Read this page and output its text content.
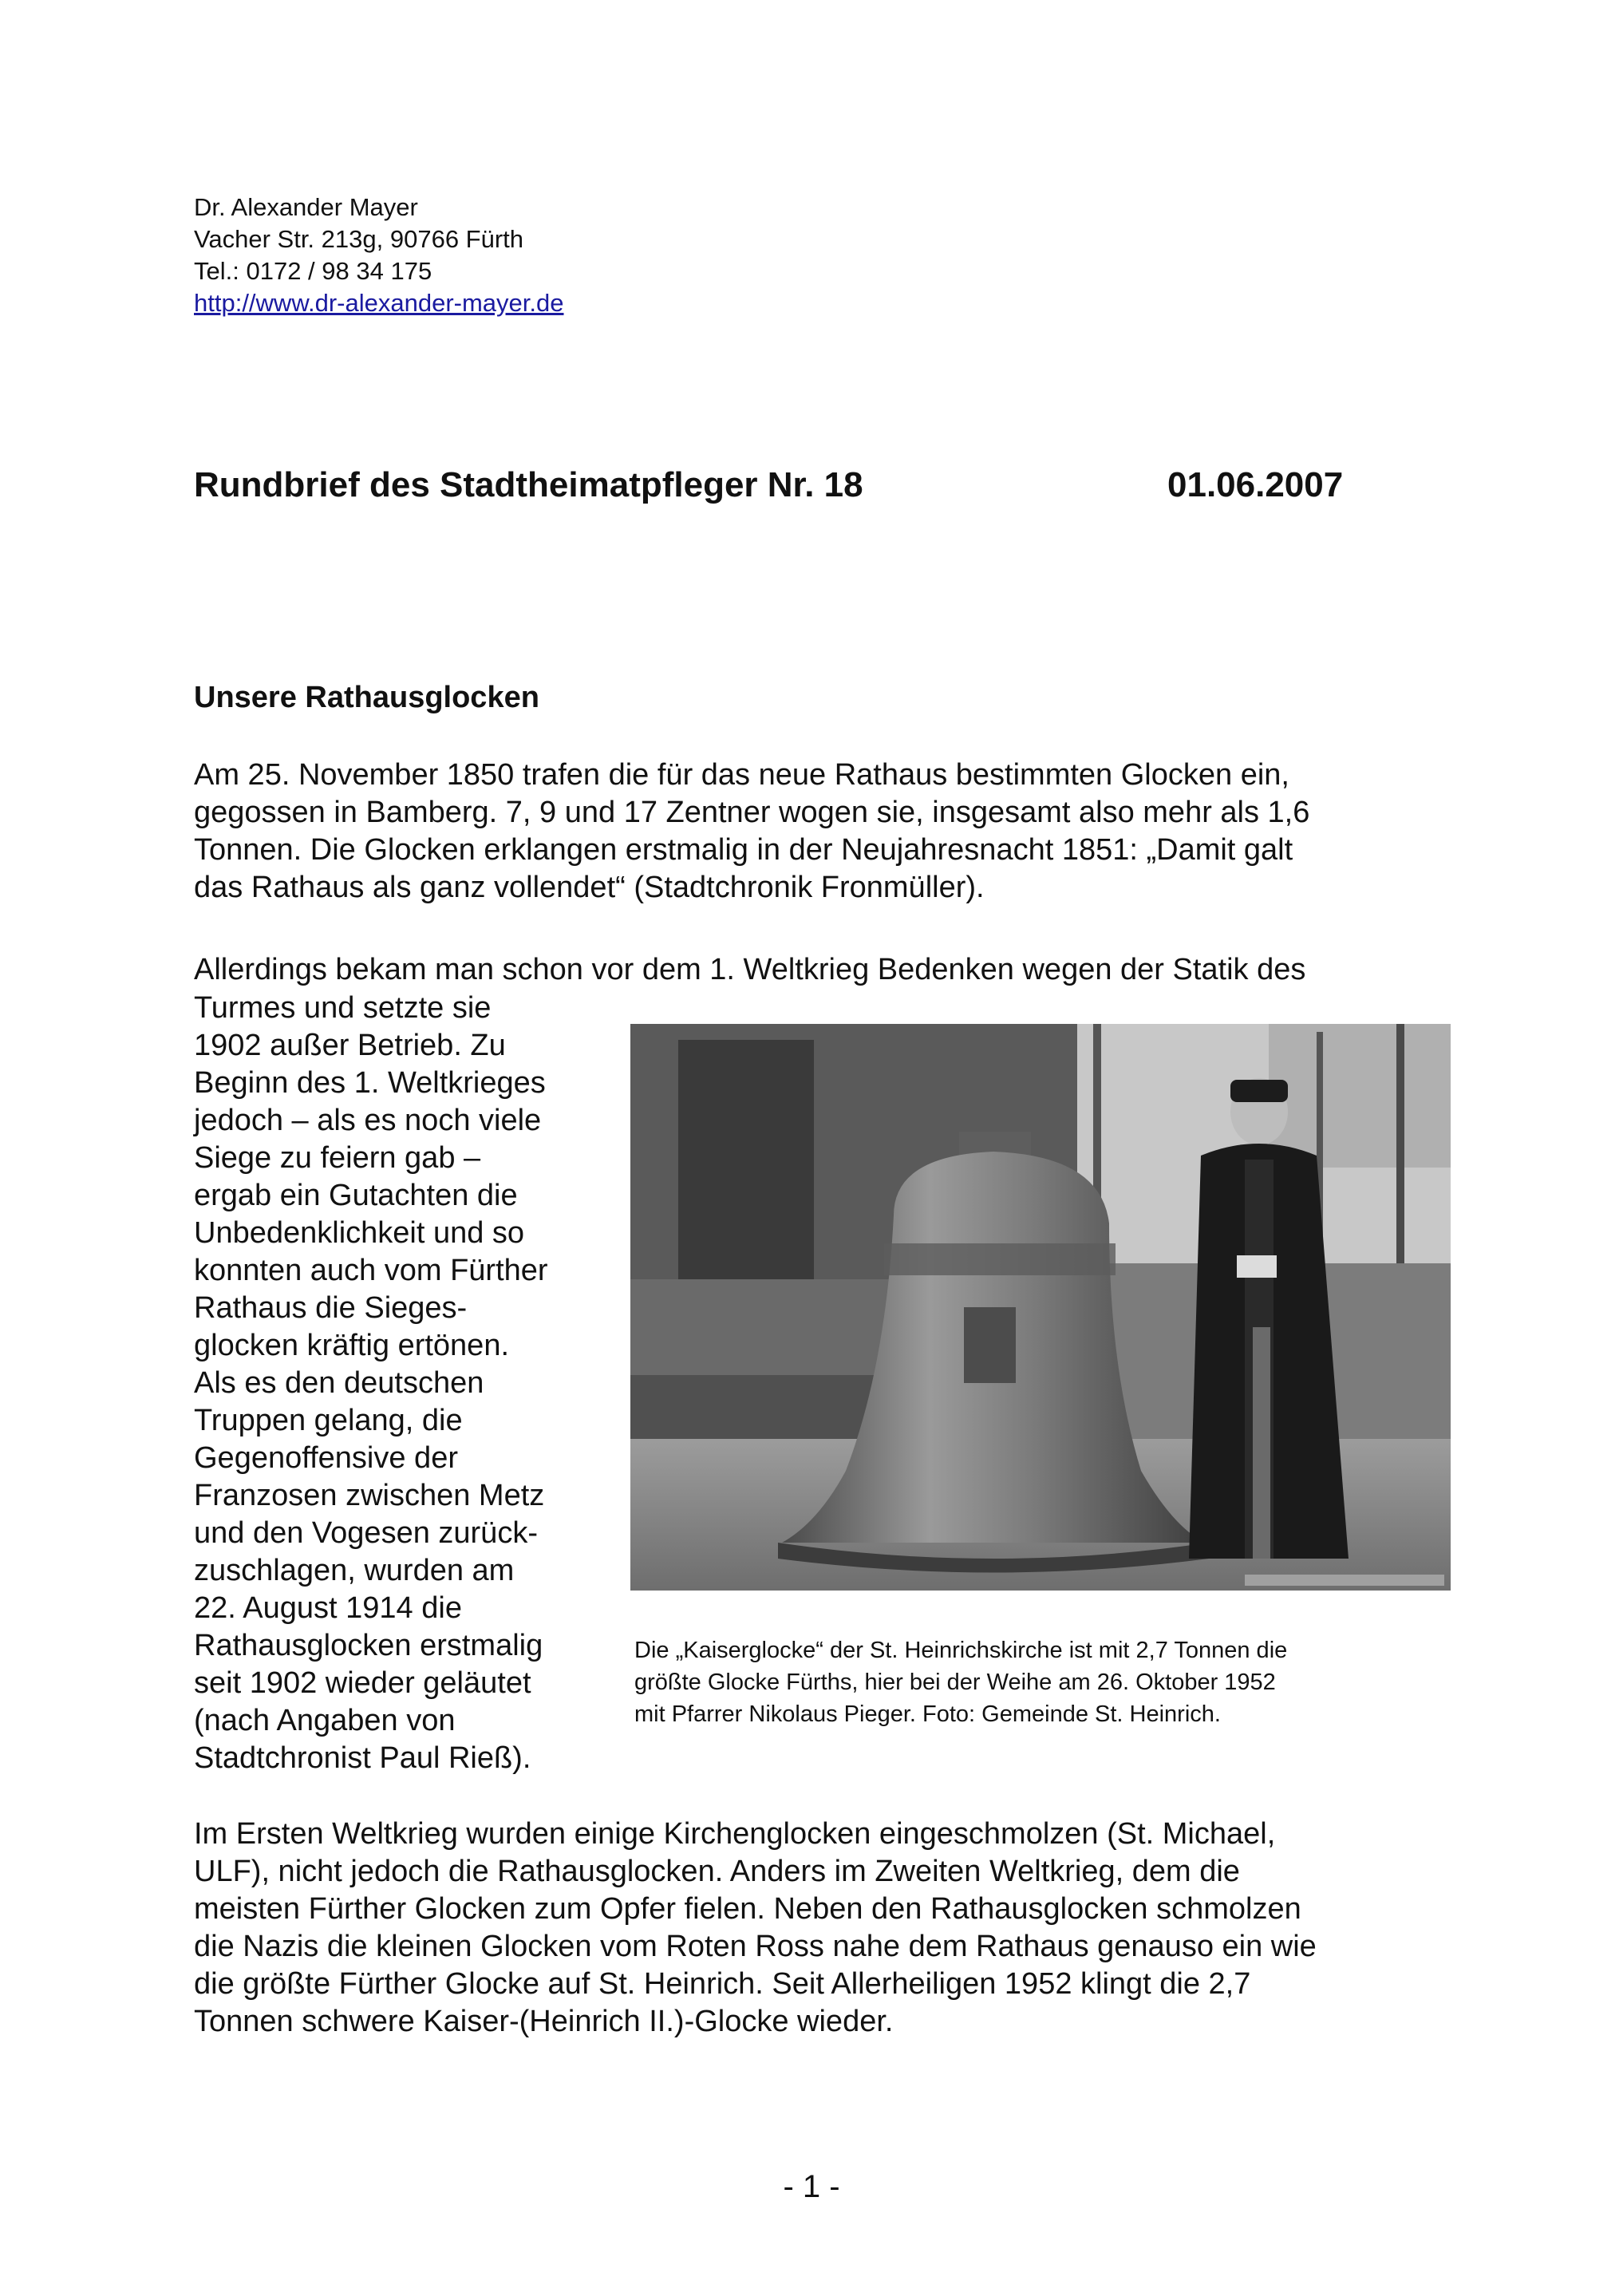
Dr. Alexander Mayer
Vacher Str. 213g, 90766 Fürth
Tel.: 0172 / 98 34 175
http://www.dr-alexander-mayer.de
Rundbrief des Stadtheimatpfleger Nr. 18	01.06.2007
Unsere Rathausglocken
Am 25. November 1850 trafen die für das neue Rathaus bestimmten Glocken ein,
gegossen in Bamberg. 7, 9 und 17 Zentner wogen sie, insgesamt also mehr als 1,6
Tonnen. Die Glocken erklangen erstmalig in der Neujahresnacht 1851: „Damit galt
das Rathaus als ganz vollendet“ (Stadtchronik Fronmüller).
Allerdings bekam man schon vor dem 1. Weltkrieg Bedenken wegen der Statik des
Turmes und setzte sie
1902 außer Betrieb. Zu
Beginn des 1. Weltkrieges
jedoch – als es noch viele
Siege zu feiern gab –
ergab ein Gutachten die
Unbedenklichkeit und so
konnten auch vom Fürther
Rathaus die Sieges-
glocken kräftig ertönen.
Als es den deutschen
Truppen gelang, die
Gegenoffensive der
Franzosen zwischen Metz
und den Vogesen zurück-
zuschlagen, wurden am
22. August 1914 die
Rathausglocken erstmalig
seit 1902 wieder geläutet
(nach Angaben von
Stadtchronist Paul Rieß).
Die „Kaiserglocke“ der St. Heinrichskirche ist mit 2,7 Tonnen die
größte Glocke Fürths, hier bei der Weihe am 26. Oktober 1952
mit Pfarrer Nikolaus Pieger. Foto: Gemeinde St. Heinrich.
Im Ersten Weltkrieg wurden einige Kirchenglocken eingeschmolzen (St. Michael,
ULF), nicht jedoch die Rathausglocken. Anders im Zweiten Weltkrieg, dem die
meisten Fürther Glocken zum Opfer fielen. Neben den Rathausglocken schmolzen
die Nazis die kleinen Glocken vom Roten Ross nahe dem Rathaus genauso ein wie
die größte Fürther Glocke auf St. Heinrich. Seit Allerheiligen 1952 klingt die 2,7
Tonnen schwere Kaiser-(Heinrich II.)-Glocke wieder.
- 1 -
